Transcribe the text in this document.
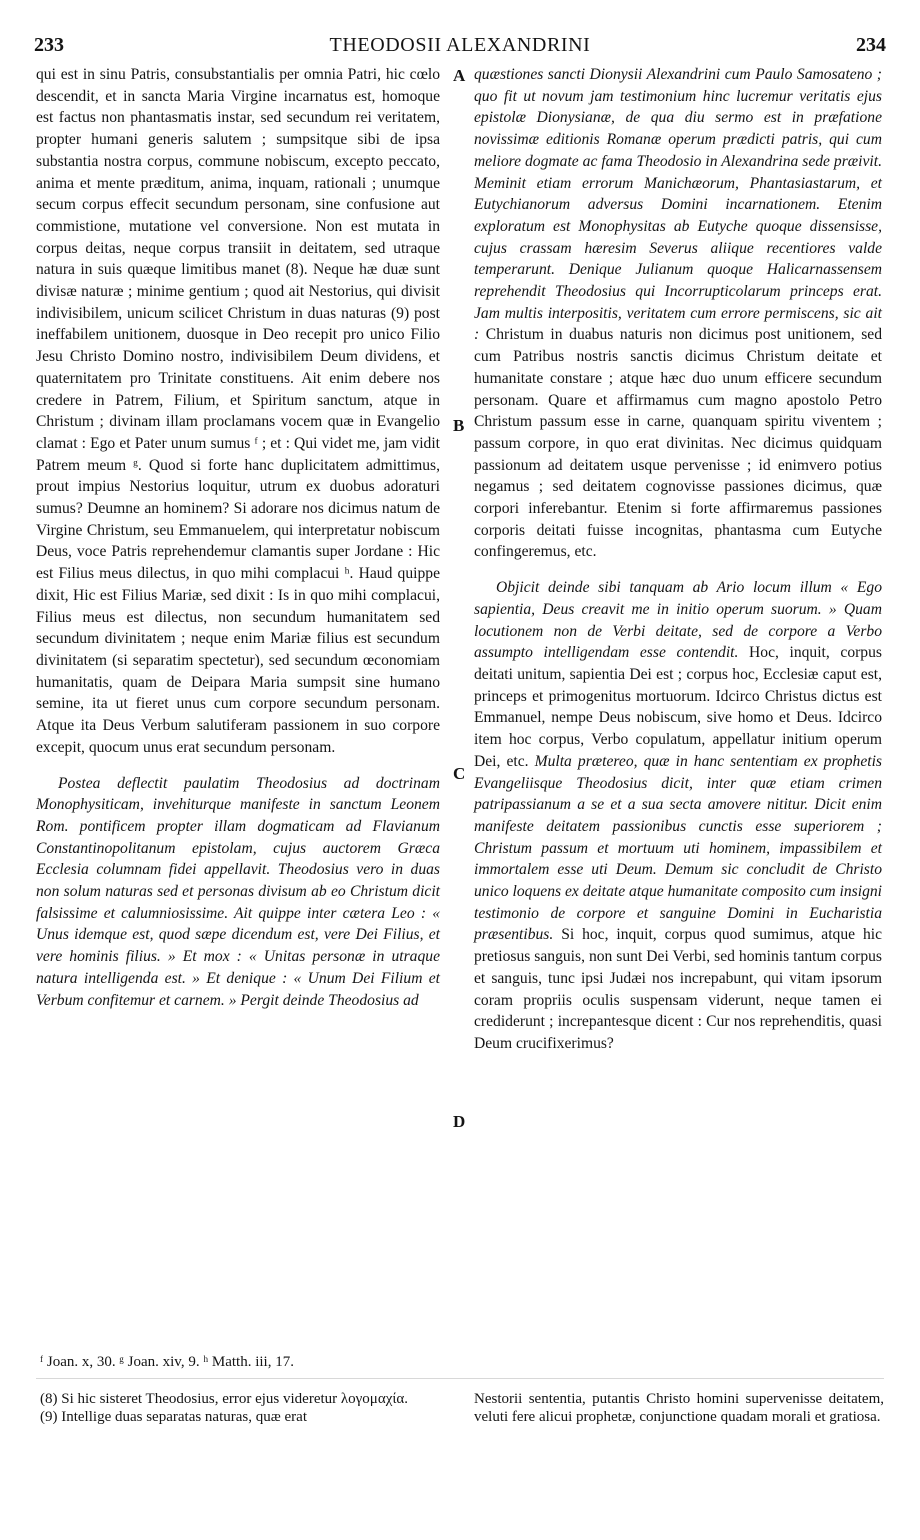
233	THEODOSII ALEXANDRINI	234
A
B
C
D

qui est in sinu Patris, consubstantialis per omnia Patri, hic cœlo descendit, et in sancta Maria Virgine incarnatus est, homoque est factus non phantasmatis instar, sed secundum rei veritatem, propter humani generis salutem ; sumpsitque sibi de ipsa substantia nostra corpus, commune nobiscum, excepto peccato, anima et mente præditum, anima, inquam, rationali ; unumque secum corpus effecit secundum personam, sine confusione aut commistione, mutatione vel conversione. Non est mutata in corpus deitas, neque corpus transiit in deitatem, sed utraque natura in suis quæque limitibus manet (8). Neque hæ duæ sunt divisæ naturæ ; minime gentium ; quod ait Nestorius, qui divisit indivisibilem, unicum scilicet Christum in duas naturas (9) post ineffabilem unitionem, duosque in Deo recepit pro unico Filio Jesu Christo Domino nostro, indivisibilem Deum dividens, et quaternitatem pro Trinitate constituens. Ait enim debere nos credere in Patrem, Filium, et Spiritum sanctum, atque in Christum ; divinam illam proclamans vocem quæ in Evangelio clamat : Ego et Pater unum sumus ᶠ ; et : Qui videt me, jam vidit Patrem meum ᵍ. Quod si forte hanc duplicitatem admittimus, prout impius Nestorius loquitur, utrum ex duobus adoraturi sumus? Deumne an hominem? Si adorare nos dicimus natum de Virgine Christum, seu Emmanuelem, qui interpretatur nobiscum Deus, voce Patris reprehendemur clamantis super Jordane : Hic est Filius meus dilectus, in quo mihi complacui ʰ. Haud quippe dixit, Hic est Filius Mariæ, sed dixit : Is in quo mihi complacui, Filius meus est dilectus, non secundum humanitatem sed secundum divinitatem ; neque enim Mariæ filius est secundum divinitatem (si separatim spectetur), sed secundum œconomiam humanitatis, quam de Deipara Maria sumpsit sine humano semine, ita ut fieret unus cum corpore secundum personam. Atque ita Deus Verbum salutiferam passionem in suo corpore excepit, quocum unus erat secundum personam.

Postea deflectit paulatim Theodosius ad doctrinam Monophysiticam, invehiturque manifeste in sanctum Leonem Rom. pontificem propter illam dogmaticam ad Flavianum Constantinopolitanum epistolam, cujus auctorem Græca Ecclesia columnam fidei appellavit. Theodosius vero in duas non solum naturas sed et personas divisum ab eo Christum dicit falsissime et calumniosissime. Ait quippe inter cætera Leo : « Unus idemque est, quod sæpe dicendum est, vere Dei Filius, et vere hominis filius. » Et mox : « Unitas personæ in utraque natura intelligenda est. » Et denique : « Unum Dei Filium et Verbum confitemur et carnem. » Pergit deinde Theodosius ad

quæstiones sancti Dionysii Alexandrini cum Paulo Samosateno ; quo fit ut novum jam testimonium hinc lucremur veritatis ejus epistolæ Dionysianæ, de qua diu sermo est in præfatione novissimæ editionis Romanæ operum prædicti patris, qui cum meliore dogmate ac fama Theodosio in Alexandrina sede præivit. Meminit etiam errorum Manichæorum, Phantasiastarum, et Eutychianorum adversus Domini incarnationem. Etenim exploratum est Monophysitas ab Eutyche quoque dissensisse, cujus crassam hæresim Severus aliique recentiores valde temperarunt. Denique Julianum quoque Halicarnassensem reprehendit Theodosius qui Incorrupticolarum princeps erat. Jam multis interpositis, veritatem cum errore permiscens, sic ait : Christum in duabus naturis non dicimus post unitionem, sed cum Patribus nostris sanctis dicimus Christum deitate et humanitate constare ; atque hæc duo unum efficere secundum personam. Quare et affirmamus cum magno apostolo Petro Christum passum esse in carne, quanquam spiritu viventem ; passum corpore, in quo erat divinitas. Nec dicimus quidquam passionum ad deitatem usque pervenisse ; id enimvero potius negamus ; sed deitatem cognovisse passiones dicimus, quæ corpori inferebantur. Etenim si forte affirmaremus passiones corporis deitati fuisse incognitas, phantasma cum Eutyche confingeremus, etc.

Objicit deinde sibi tanquam ab Ario locum illum « Ego sapientia, Deus creavit me in initio operum suorum. » Quam locutionem non de Verbi deitate, sed de corpore a Verbo assumpto intelligendam esse contendit. Hoc, inquit, corpus deitati unitum, sapientia Dei est ; corpus hoc, Ecclesiæ caput est, princeps et primogenitus mortuorum. Idcirco Christus dictus est Emmanuel, nempe Deus nobiscum, sive homo et Deus. Idcirco item hoc corpus, Verbo copulatum, appellatur initium operum Dei, etc. Multa prætereo, quæ in hanc sententiam ex prophetis Evangeliisque Theodosius dicit, inter quæ etiam crimen patripassianum a se et a sua secta amovere nititur. Dicit enim manifeste deitatem passionibus cunctis esse superiorem ; Christum passum et mortuum uti hominem, impassibilem et immortalem esse uti Deum. Demum sic concludit de Christo unico loquens ex deitate atque humanitate composito cum insigni testimonio de corpore et sanguine Domini in Eucharistia præsentibus. Si hoc, inquit, corpus quod sumimus, atque hic pretiosus sanguis, non sunt Dei Verbi, sed hominis tantum corpus et sanguis, tunc ipsi Judæi nos increpabunt, qui vitam ipsorum coram propriis oculis suspensam viderunt, neque tamen ei crediderunt ; increpantesque dicent : Cur nos reprehenditis, quasi Deum crucifixerimus?

ᶠ Joan. x, 30. ᵍ Joan. xiv, 9. ʰ Matth. iii, 17.

(8) Si hic sisteret Theodosius, error ejus videretur λογομαχία.

(9) Intellige duas separatas naturas, quæ erat

Nestorii sententia, putantis Christo homini supervenisse deitatem, veluti fere alicui prophetæ, conjunctione quadam morali et gratiosa.
